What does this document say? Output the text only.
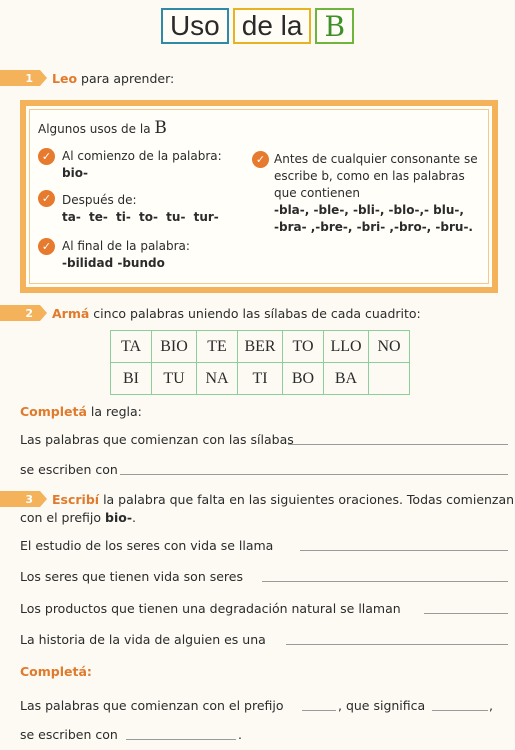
Uso de la B
1	Leo para aprender:
Algunos usos de la B
✓ Al comienzo de la palabra:
bio-
✓ Después de:
ta- te- ti- to- tu- tur-
✓ Al final de la palabra:
-bilidad -bundo
✓ Antes de cualquier consonante se
escribe b, como en las palabras
que contienen
-bla-, -ble-, -bli-, -blo-,- blu-,
-bra- ,-bre-, -bri- ,-bro-, -bru-.
2	Armá cinco palabras uniendo las sílabas de cada cuadrito:
TA	BIO	TE	BER	TO	LLO	NO
BI	TU	NA	TI	BO	BA	
Completá la regla:
Las palabras que comienzan con las sílabas
se escriben con
3	Escribí la palabra que falta en las siguientes oraciones. Todas comienzan
con el prefijo bio-.
El estudio de los seres con vida se llama
Los seres que tienen vida son seres
Los productos que tienen una degradación natural se llaman
La historia de la vida de alguien es una
Completá:
Las palabras que comienzan con el prefijo	, que significa	,
se escriben con	.
